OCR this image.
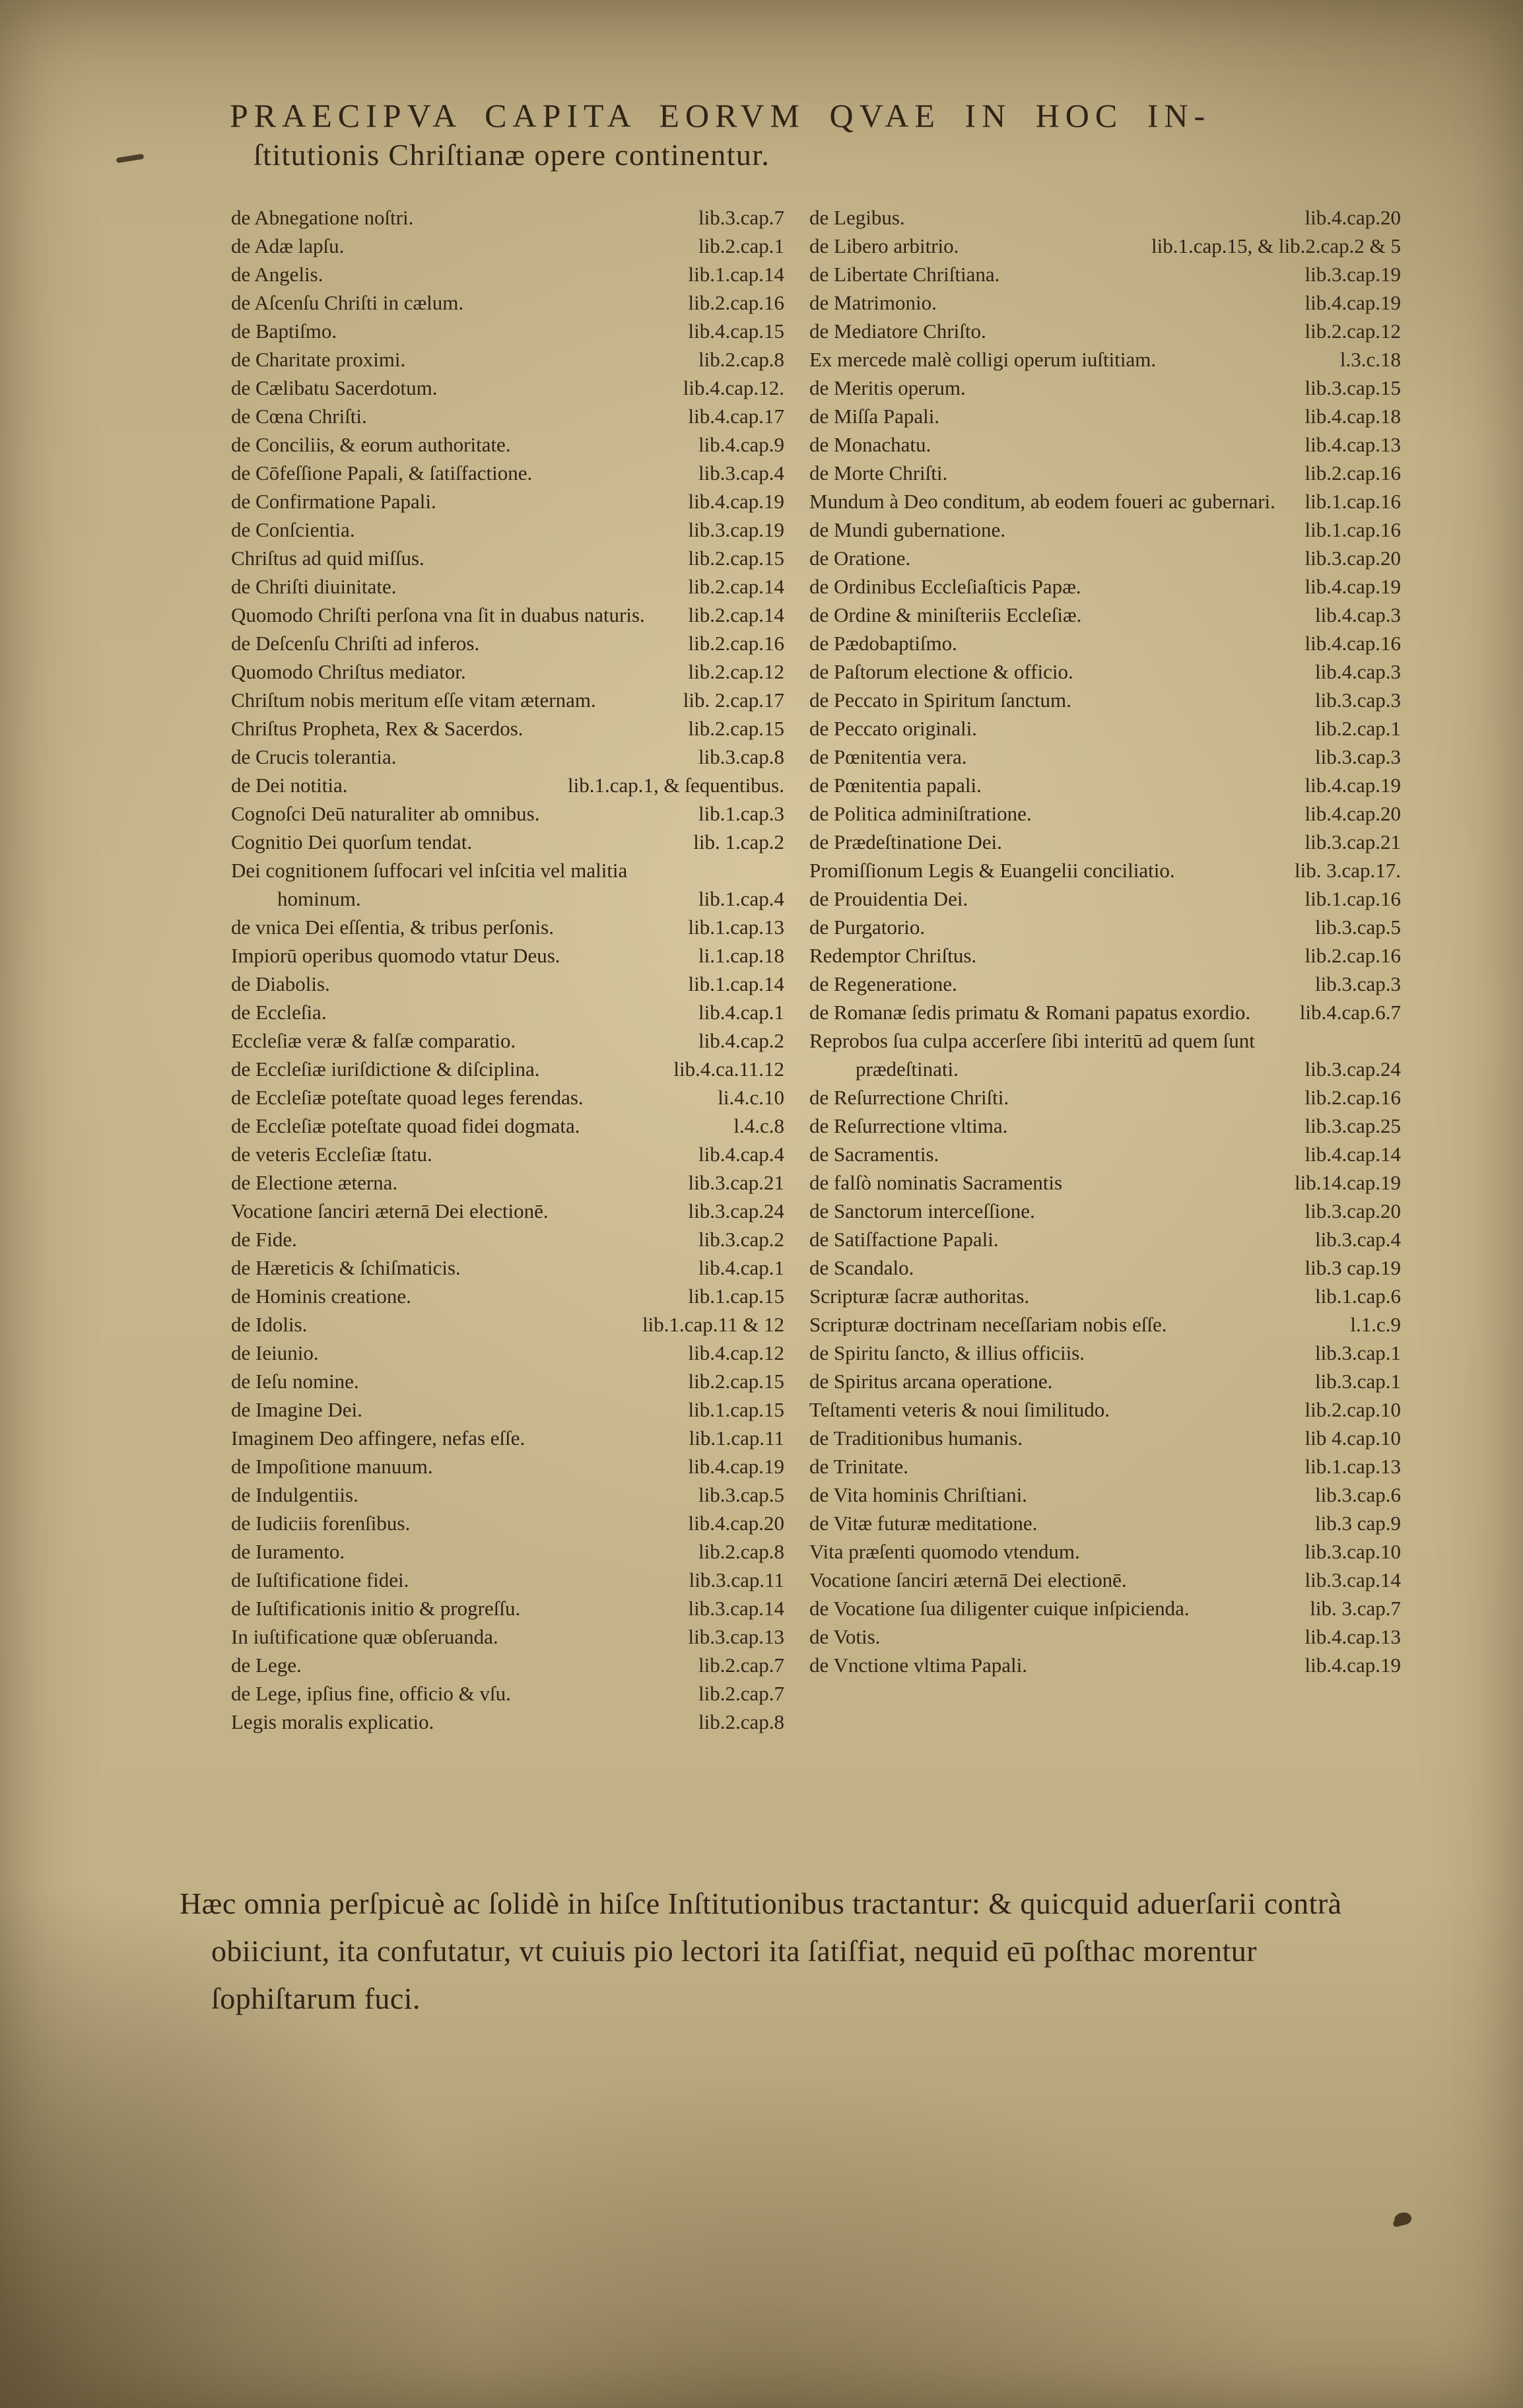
PRAECIPVA CAPITA EORVM QVAE IN HOC IN-
ſtitutionis Chriſtianæ opere continentur.
de Abnegatione noſtri.	lib.3.cap.7
de Adæ lapſu.	lib.2.cap.1
de Angelis.	lib.1.cap.14
de Aſcenſu Chriſti in cælum.	lib.2.cap.16
de Baptiſmo.	lib.4.cap.15
de Charitate proximi.	lib.2.cap.8
de Cælibatu Sacerdotum.	lib.4.cap.12.
de Cœna Chriſti.	lib.4.cap.17
de Conciliis, & eorum authoritate.	lib.4.cap.9
de Cōfeſſione Papali, & ſatiſfactione.	lib.3.cap.4
de Confirmatione Papali.	lib.4.cap.19
de Conſcientia.	lib.3.cap.19
Chriſtus ad quid miſſus.	lib.2.cap.15
de Chriſti diuinitate.	lib.2.cap.14
Quomodo Chriſti perſona vna ſit in duabus naturis. lib.2.cap.14
de Deſcenſu Chriſti ad inferos.	lib.2.cap.16
Quomodo Chriſtus mediator.	lib.2.cap.12
Chriſtum nobis meritum eſſe vitam æternam.	lib. 2.cap.17
Chriſtus Propheta, Rex & Sacerdos.	lib.2.cap.15
de Crucis tolerantia.	lib.3.cap.8
de Dei notitia.	lib.1.cap.1, & ſequentibus.
Cognoſci Deū naturaliter ab omnibus.	lib.1.cap.3
Cognitio Dei quorſum tendat.	lib. 1.cap.2
Dei cognitionem ſuffocari vel inſcitia vel malitia hominum.	lib.1.cap.4
de vnica Dei eſſentia, & tribus perſonis.	lib.1.cap.13
Impiorū operibus quomodo vtatur Deus.	li.1.cap.18
de Diabolis.	lib.1.cap.14
de Eccleſia.	lib.4.cap.1
Eccleſiæ veræ & falſæ comparatio.	lib.4.cap.2
de Eccleſiæ iuriſdictione & diſciplina.	lib.4.ca.11.12
de Eccleſiæ poteſtate quoad leges ferendas.	li.4.c.10
de Eccleſiæ poteſtate quoad fidei dogmata.	l.4.c.8
de veteris Eccleſiæ ſtatu.	lib.4.cap.4
de Electione æterna.	lib.3.cap.21
Vocatione ſanciri æternā Dei electionē.	lib.3.cap.24
de Fide.	lib.3.cap.2
de Hæreticis & ſchiſmaticis.	lib.4.cap.1
de Hominis creatione.	lib.1.cap.15
de Idolis.	lib.1.cap.11 & 12
de Ieiunio.	lib.4.cap.12
de Ieſu nomine.	lib.2.cap.15
de Imagine Dei.	lib.1.cap.15
Imaginem Deo affingere, nefas eſſe.	lib.1.cap.11
de Impoſitione manuum.	lib.4.cap.19
de Indulgentiis.	lib.3.cap.5
de Iudiciis forenſibus.	lib.4.cap.20
de Iuramento.	lib.2.cap.8
de Iuſtificatione fidei.	lib.3.cap.11
de Iuſtificationis initio & progreſſu.	lib.3.cap.14
In iuſtificatione quæ obſeruanda.	lib.3.cap.13
de Lege.	lib.2.cap.7
de Lege, ipſius fine, officio & vſu.	lib.2.cap.7
Legis moralis explicatio.	lib.2.cap.8
de Legibus.	lib.4.cap.20
de Libero arbitrio.	lib.1.cap.15, & lib.2.cap.2 & 5
de Libertate Chriſtiana.	lib.3.cap.19
de Matrimonio.	lib.4.cap.19
de Mediatore Chriſto.	lib.2.cap.12
Ex mercede malè colligi operum iuſtitiam.	l.3.c.18
de Meritis operum.	lib.3.cap.15
de Miſſa Papali.	lib.4.cap.18
de Monachatu.	lib.4.cap.13
de Morte Chriſti.	lib.2.cap.16
Mundum à Deo conditum, ab eodem foueri ac gubernari. lib.1.cap.16
de Mundi gubernatione.	lib.1.cap.16
de Oratione.	lib.3.cap.20
de Ordinibus Eccleſiaſticis Papæ.	lib.4.cap.19
de Ordine & miniſteriis Eccleſiæ.	lib.4.cap.3
de Pædobaptiſmo.	lib.4.cap.16
de Paſtorum electione & officio.	lib.4.cap.3
de Peccato in Spiritum ſanctum.	lib.3.cap.3
de Peccato originali.	lib.2.cap.1
de Pœnitentia vera.	lib.3.cap.3
de Pœnitentia papali.	lib.4.cap.19
de Politica adminiſtratione.	lib.4.cap.20
de Prædeſtinatione Dei.	lib.3.cap.21
Promiſſionum Legis & Euangelii conciliatio.	lib. 3.cap.17.
de Prouidentia Dei.	lib.1.cap.16
de Purgatorio.	lib.3.cap.5
Redemptor Chriſtus.	lib.2.cap.16
de Regeneratione.	lib.3.cap.3
de Romanæ ſedis primatu & Romani papatus exordio. lib.4.cap.6.7
Reprobos ſua culpa accerſere ſibi interitū ad quem ſunt prædeſtinati.	lib.3.cap.24
de Reſurrectione Chriſti.	lib.2.cap.16
de Reſurrectione vltima.	lib.3.cap.25
de Sacramentis.	lib.4.cap.14
de falſò nominatis Sacramentis	lib.14.cap.19
de Sanctorum interceſſione.	lib.3.cap.20
de Satiſfactione Papali.	lib.3.cap.4
de Scandalo.	lib.3 cap.19
Scripturæ ſacræ authoritas.	lib.1.cap.6
Scripturæ doctrinam neceſſariam nobis eſſe.	l.1.c.9
de Spiritu ſancto, & illius officiis.	lib.3.cap.1
de Spiritus arcana operatione.	lib.3.cap.1
Teſtamenti veteris & noui ſimilitudo.	lib.2.cap.10
de Traditionibus humanis.	lib 4.cap.10
de Trinitate.	lib.1.cap.13
de Vita hominis Chriſtiani.	lib.3.cap.6
de Vitæ futuræ meditatione.	lib.3 cap.9
Vita præſenti quomodo vtendum.	lib.3.cap.10
Vocatione ſanciri æternā Dei electionē.	lib.3.cap.14
de Vocatione ſua diligenter cuique inſpicienda.	lib. 3.cap.7
de Votis.	lib.4.cap.13
de Vnctione vltima Papali.	lib.4.cap.19

Hæc omnia perſpicuè ac ſolidè in hiſce Inſtitutionibus tractantur: & quicquid aduerſarii contrà obiiciunt, ita confutatur, vt cuiuis pio lectori ita ſatiſfiat, nequid eū poſthac morentur ſophiſtarum fuci.
